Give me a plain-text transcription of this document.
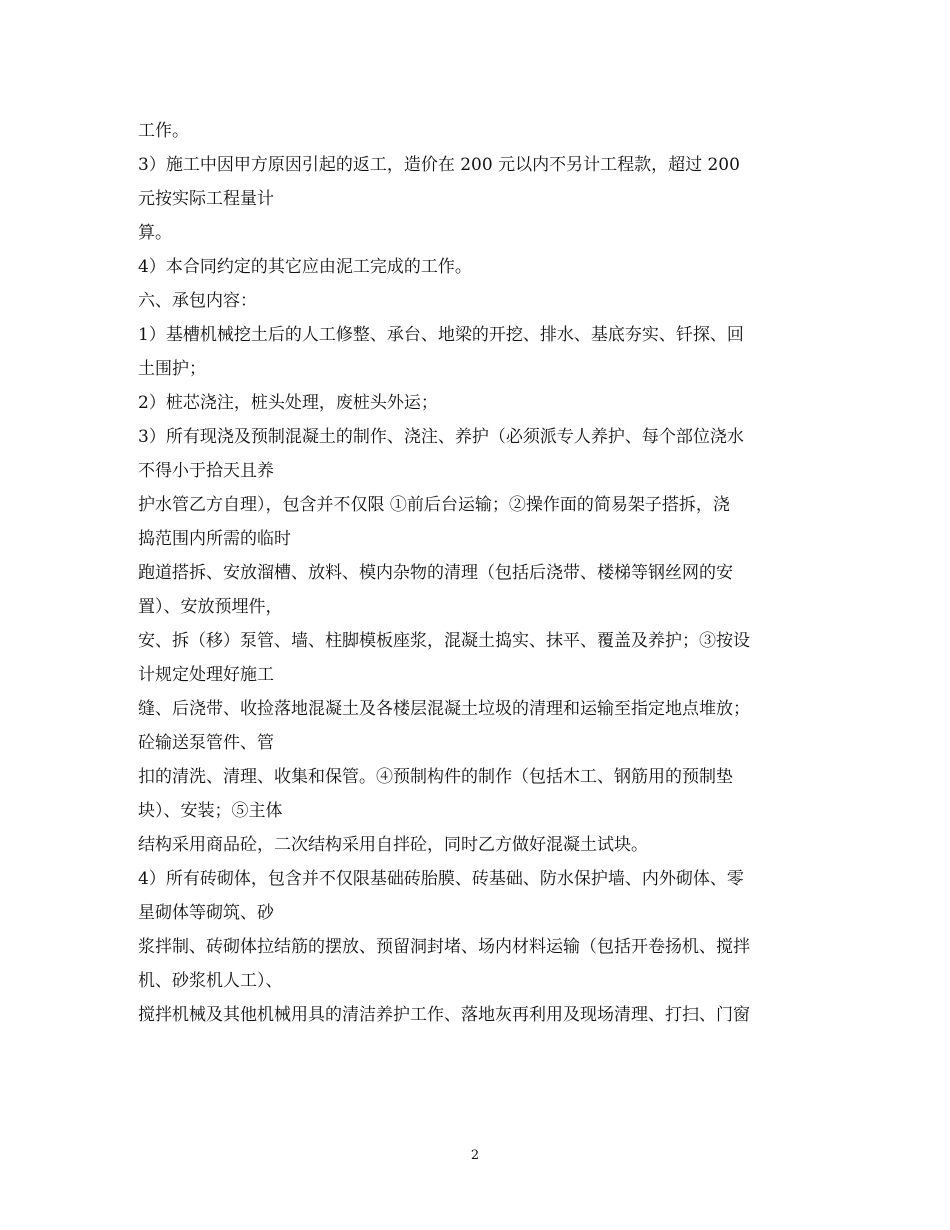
工作。
3）施工中因甲方原因引起的返工，造价在 200 元以内不另计工程款，超过 200
元按实际工程量计
算。
4）本合同约定的其它应由泥工完成的工作。
六、承包内容：
1）基槽机械挖土后的人工修整、承台、地梁的开挖、排水、基底夯实、钎探、回
土围护；
2）桩芯浇注，桩头处理，废桩头外运；
3）所有现浇及预制混凝土的制作、浇注、养护（必须派专人养护、每个部位浇水
不得小于拾天且养
护水管乙方自理），包含并不仅限 ①前后台运输；②操作面的简易架子搭拆，浇
捣范围内所需的临时
跑道搭拆、安放溜槽、放料、模内杂物的清理（包括后浇带、楼梯等钢丝网的安
置）、安放预埋件，
安、拆（移）泵管、墙、柱脚模板座浆，混凝土捣实、抹平、覆盖及养护；③按设
计规定处理好施工
缝、后浇带、收捡落地混凝土及各楼层混凝土垃圾的清理和运输至指定地点堆放；
砼输送泵管件、管
扣的清洗、清理、收集和保管。④预制构件的制作（包括木工、钢筋用的预制垫
块）、安装；⑤主体
结构采用商品砼，二次结构采用自拌砼，同时乙方做好混凝土试块。
4）所有砖砌体，包含并不仅限基础砖胎膜、砖基础、防水保护墙、内外砌体、零
星砌体等砌筑、砂
浆拌制、砖砌体拉结筋的摆放、预留洞封堵、场内材料运输（包括开卷扬机、搅拌
机、砂浆机人工）、
搅拌机械及其他机械用具的清洁养护工作、落地灰再利用及现场清理、打扫、门窗
2
